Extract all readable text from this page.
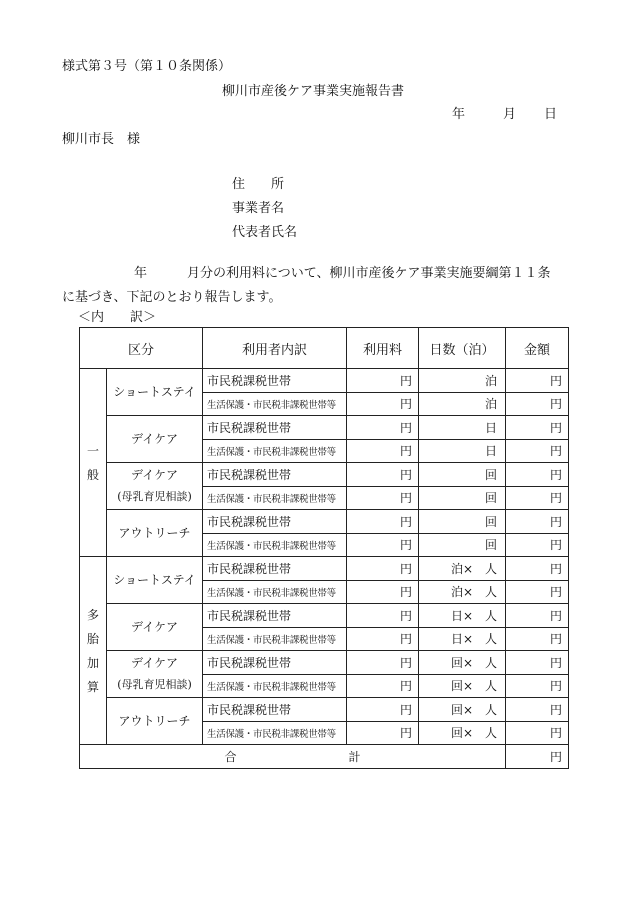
様式第３号（第１０条関係）
柳川市産後ケア事業実施報告書
年	月 日
柳川市長　様
住　　所
事業者名
代表者氏名
年	月分の利用料について、柳川市産後ケア事業実施要綱第１１条に基づき、下記のとおり報告します。
＜内　　訳＞
区分		利用者内訳	利用料	日数（泊）	金額

一
般	ショートステイ	市民税課税世帯	円	泊	円
		生活保護・市民税非課税世帯等	円	泊	円

	デイケア	市民税課税世帯	円	日	円
		生活保護・市民税非課税世帯等	円	日	円

	デイケア
(母乳育児相談)	市民税課税世帯	円	回	円
		生活保護・市民税非課税世帯等	円	回	円

	アウトリーチ	市民税課税世帯	円	回	円
		生活保護・市民税非課税世帯等	円	回	円

多
胎
加
算	ショートステイ	市民税課税世帯	円	泊×　人	円
		生活保護・市民税非課税世帯等	円	泊×　人	円

	デイケア	市民税課税世帯	円	日×　人	円
		生活保護・市民税非課税世帯等	円	日×　人	円

	デイケア
(母乳育児相談)	市民税課税世帯	円	回×　人	円
		生活保護・市民税非課税世帯等	円	回×　人	円

	アウトリーチ	市民税課税世帯	円	回×　人	円
		生活保護・市民税非課税世帯等	円	回×　人	円
合 計					円
